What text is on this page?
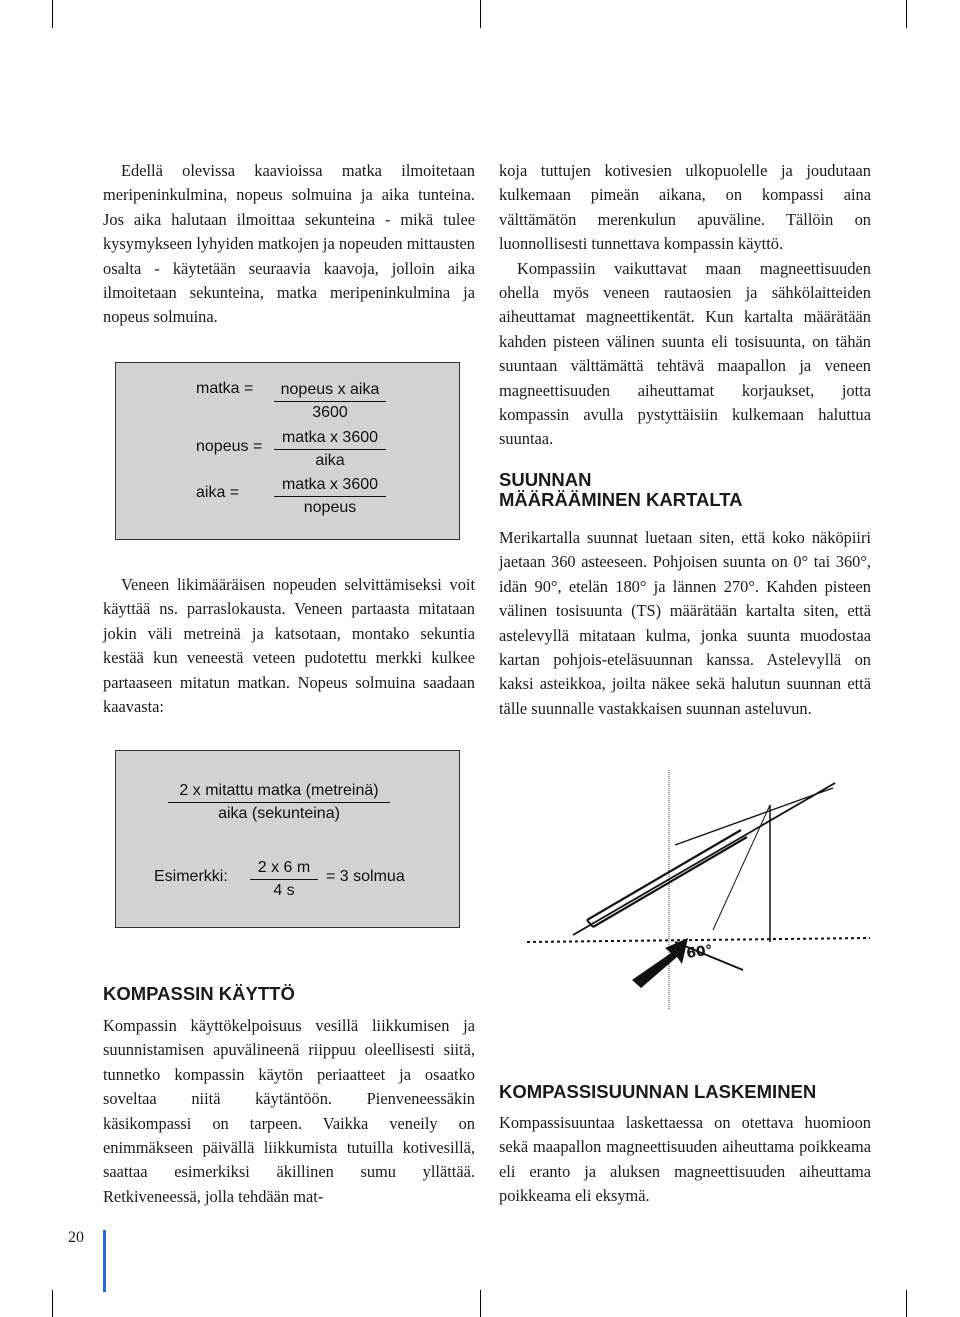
Edellä olevissa kaavioissa matka ilmoitetaan meripeninkulmina, nopeus solmuina ja aika tunteina. Jos aika halutaan ilmoittaa sekunteina - mikä tulee kysymykseen lyhyiden matkojen ja nopeuden mittausten osalta - käytetään seuraavia kaavoja, jolloin aika ilmoitetaan sekunteina, matka meripeninkulmina ja nopeus solmuina.

matka =	nopeus x aika
3600
nopeus =
matka x 3600
aika
aika =	matka x 3600
nopeus

Veneen likimääräisen nopeuden selvittämiseksi voit käyttää ns. parraslokausta. Veneen partaasta mitataan jokin väli metreinä ja katsotaan, montako sekuntia kestää kun veneestä veteen pudotettu merkki kulkee partaaseen mitatun matkan. Nopeus solmuina saadaan kaavasta:

2 x mitattu matka (metreinä)
aika (sekunteina)
Esimerkki: $\frac{2 x 6 m}{4 s} = 3$ solmua
KOMPASSIN KÄYTTÖ

Kompassin käyttökelpoisuus vesillä liikkumisen ja suunnistamisen apuvälineenä riippuu oleellisesti siitä, tunnetko kompassin käytön periaatteet ja osaatko soveltaa niitä käytäntöön. Pienveneessäkin käsikompassi on tarpeen. Vaikka veneily on enimmäkseen päivällä liikkumista tutuilla kotivesillä, saattaa esimerkiksi äkillinen sumu yllättää. Retkiveneessä, jolla tehdään mat-

koja tuttujen kotivesien ulkopuolelle ja joudutaan kulkemaan pimeän aikana, on kompassi aina välttämätön merenkulun apuväline. Tällöin on luonnollisesti tunnettava kompassin käyttö.

Kompassiin vaikuttavat maan magneettisuuden ohella myös veneen rautaosien ja sähkölaitteiden aiheuttamat magneettikentät. Kun kartalta määrätään kahden pisteen välinen suunta eli tosisuunta, on tähän suuntaan välttämättä tehtävä maapallon ja veneen magneettisuuden aiheuttamat korjaukset, jotta kompassin avulla pystyttäisiin kulkemaan haluttua suuntaa.

SUUNNAN
MÄÄRÄÄMINEN KARTALTA

Merikartalla suunnat luetaan siten, että koko näköpiiri jaetaan 360 asteeseen. Pohjoisen suunta on 0° tai 360°, idän 90°, etelän 180° ja lännen 270°. Kahden pisteen välinen tosisuunta (TS) määrätään kartalta siten, että astelevyllä mitataan kulma, jonka suunta muodostaa kartan pohjois-eteläsuunnan kanssa. Astelevyllä on kaksi asteikkoa, joilta näkee sekä halutun suunnan että tälle suunnalle vastakkaisen suunnan asteluvun.

60°
KOMPASSISUUNNAN LASKEMINEN

Kompassisuuntaa laskettaessa on otettava huomioon sekä maapallon magneettisuuden aiheuttama poikkeama eli eranto ja aluksen magneettisuuden aiheuttama poikkeama eli eksymä.

20
